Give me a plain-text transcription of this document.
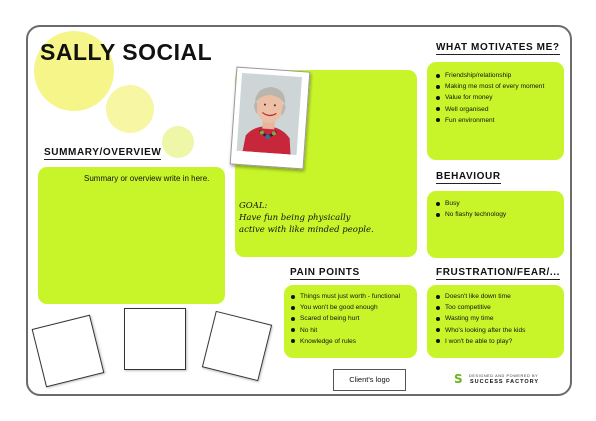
SALLY SOCIAL
SUMMARY/OVERVIEW
Summary or overview write in here.
GOAL:
Have fun being physically
active with like minded people.
WHAT MOTIVATES ME?
Friendship/relationship
Making me most of every moment
Value for money
Well organised
Fun environment
BEHAVIOUR
Busy
No flashy technology
PAIN POINTS
Things must just worth - functional
You won't be good enough
Scared of being hurt
No hit
Knowledge of rules
FRUSTRATION/FEAR/...
Doesn't like down time
Too competitive
Wasting my time
Who's looking after the kids
I won't be able to play?
Client's logo	S DESIGNED AND POWERED BY
SUCCESS FACTORY
